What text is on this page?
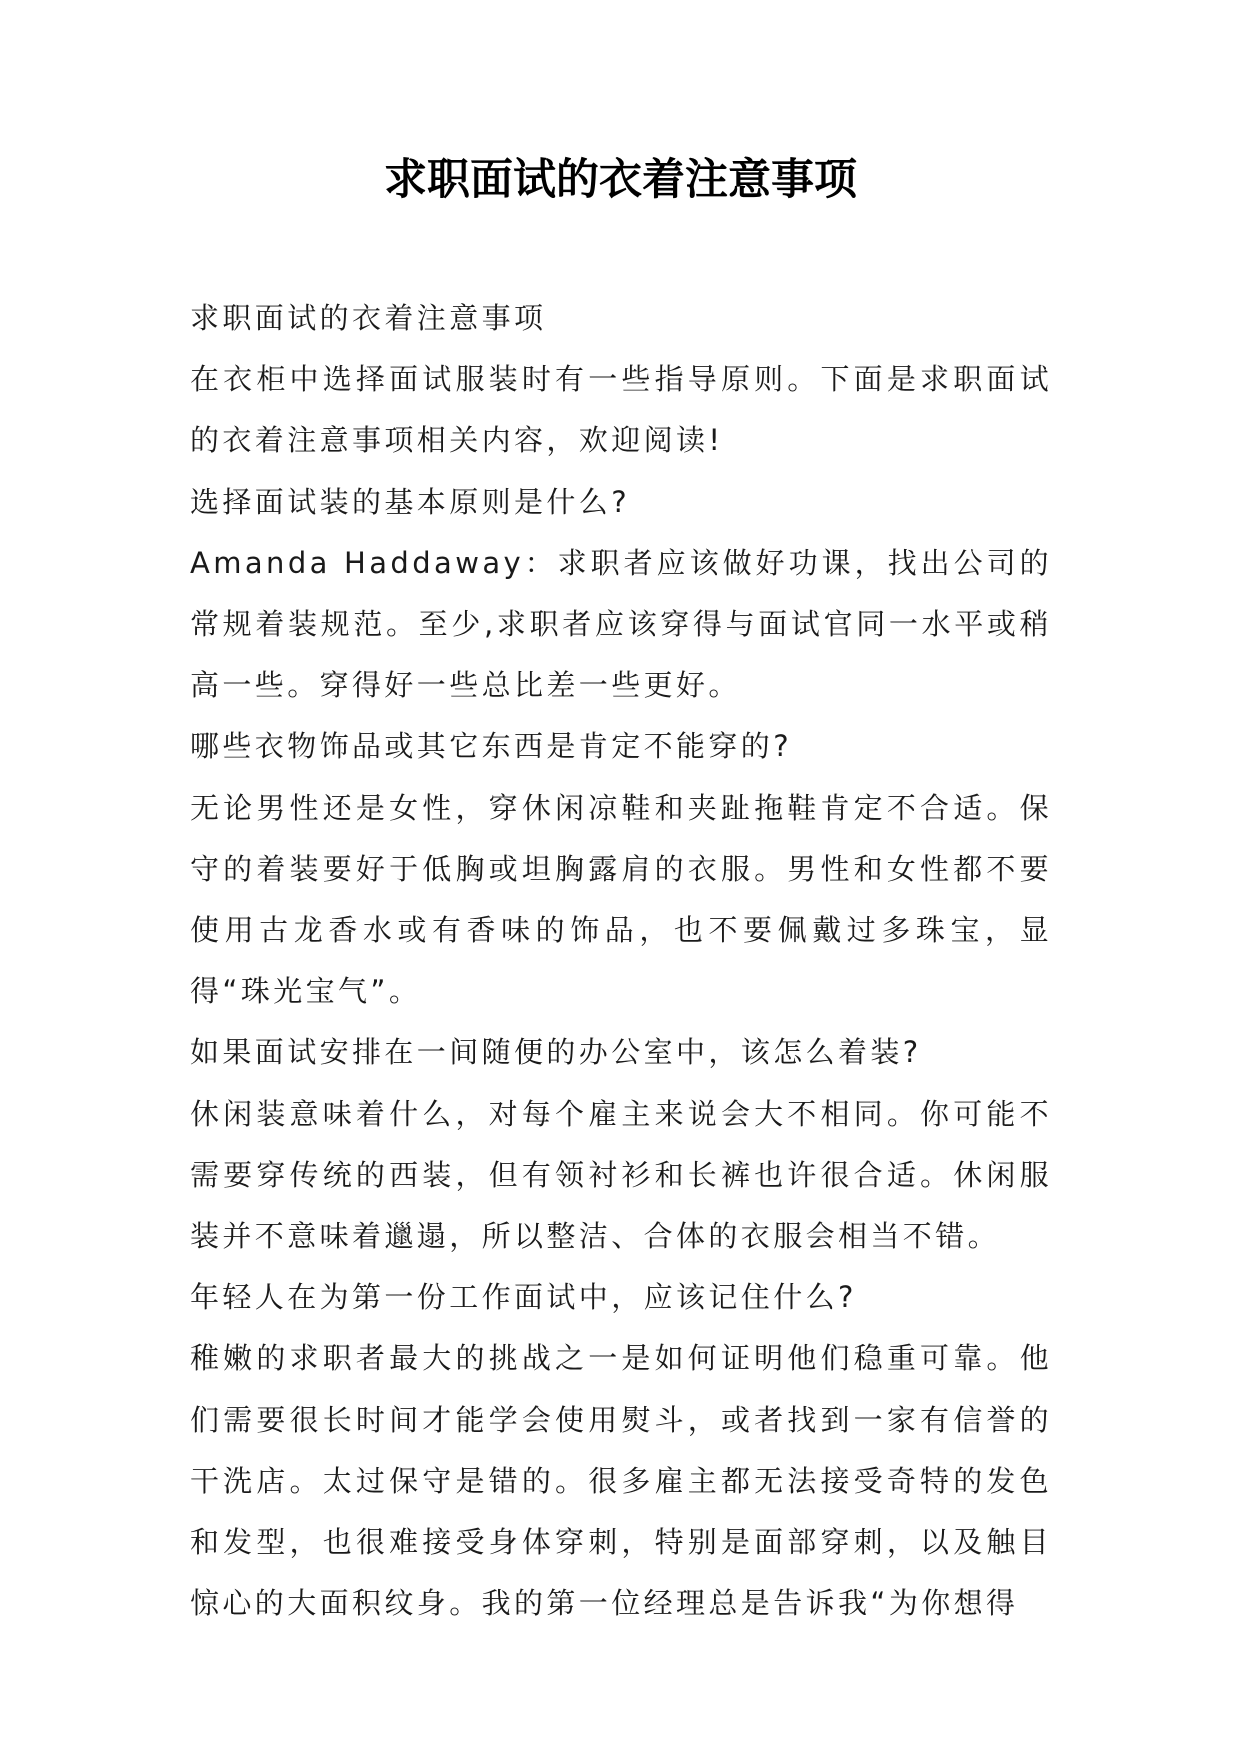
求职面试的衣着注意事项

求职面试的衣着注意事项

在衣柜中选择面试服装时有一些指导原则。下面是求职面试的衣着注意事项相关内容，欢迎阅读!

选择面试装的基本原则是什么?

Amanda Haddaway：求职者应该做好功课，找出公司的常规着装规范。至少,求职者应该穿得与面试官同一水平或稍高一些。穿得好一些总比差一些更好。

哪些衣物饰品或其它东西是肯定不能穿的?

无论男性还是女性，穿休闲凉鞋和夹趾拖鞋肯定不合适。保守的着装要好于低胸或坦胸露肩的衣服。男性和女性都不要使用古龙香水或有香味的饰品，也不要佩戴过多珠宝，显得“珠光宝气”。

如果面试安排在一间随便的办公室中，该怎么着装?

休闲装意味着什么，对每个雇主来说会大不相同。你可能不需要穿传统的西装，但有领衬衫和长裤也许很合适。休闲服装并不意味着邋遢，所以整洁、合体的衣服会相当不错。

年轻人在为第一份工作面试中，应该记住什么?

稚嫩的求职者最大的挑战之一是如何证明他们稳重可靠。他们需要很长时间才能学会使用熨斗，或者找到一家有信誉的干洗店。太过保守是错的。很多雇主都无法接受奇特的发色和发型，也很难接受身体穿刺，特别是面部穿刺，以及触目惊心的大面积纹身。我的第一位经理总是告诉我“为你想得
